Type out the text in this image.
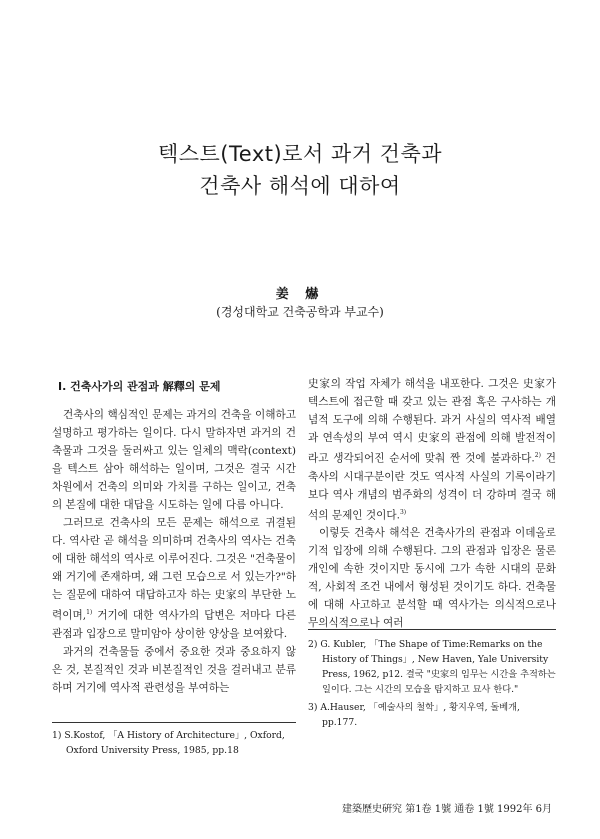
텍스트(Text)로서 과거 건축과
건축사 해석에 대하여
姜 爀
(경성대학교 건축공학과 부교수)
Ⅰ. 건축사가의 관점과 解釋의 문제

건축사의 핵심적인 문제는 과거의 건축을 이해하고 설명하고 평가하는 일이다. 다시 말하자면 과거의 건축물과 그것을 둘러싸고 있는 일체의 맥락(context)을 텍스트 삼아 해석하는 일이며, 그것은 결국 시간 차원에서 건축의 의미와 가치를 구하는 일이고, 건축의 본질에 대한 대답을 시도하는 일에 다름 아니다.

그러므로 건축사의 모든 문제는 해석으로 귀결된다. 역사란 곧 해석을 의미하며 건축사의 역사는 건축에 대한 해석의 역사로 이루어진다. 그것은 "건축물이 왜 거기에 존재하며, 왜 그런 모습으로 서 있는가?"하는 질문에 대하여 대답하고자 하는 史家의 부단한 노력이며,$^{1)}$ 거기에 대한 역사가의 답변은 저마다 다른 관점과 입장으로 말미암아 상이한 양상을 보여왔다.

과거의 건축물들 중에서 중요한 것과 중요하지 않은 것, 본질적인 것과 비본질적인 것을 걸러내고 분류하며 거기에 역사적 관련성을 부여하는

史家의 작업 자체가 해석을 내포한다. 그것은 史家가 텍스트에 접근할 때 갖고 있는 관점 혹은 구사하는 개념적 도구에 의해 수행된다. 과거 사실의 역사적 배열과 연속성의 부여 역시 史家의 관점에 의해 발전적이라고 생각되어진 순서에 맞춰 짠 것에 불과하다.$^{2)}$ 건축사의 시대구분이란 것도 역사적 사실의 기록이라기보다 역사 개념의 범주화의 성격이 더 강하며 결국 해석의 문제인 것이다.$^{3)}$

이렇듯 건축사 해석은 건축사가의 관점과 이데올로기적 입장에 의해 수행된다. 그의 관점과 입장은 물론 개인에 속한 것이지만 동시에 그가 속한 시대의 문화적, 사회적 조건 내에서 형성된 것이기도 하다. 건축물에 대해 사고하고 분석할 때 역사가는 의식적으로나 무의식적으로나 여러

1) S.Kostof, 「A History of Architecture」, Oxford, Oxford University Press, 1985, pp.18
2) G. Kubler, 「The Shape of Time:Remarks on the History of Things」, New Haven, Yale University Press, 1962, p12. 결국 "史家의 임무는 시간을 추적하는 일이다. 그는 시간의 모습을 탐지하고 묘사 한다."
3) A.Hauser, 「예술사의 철학」, 황지우역, 돌베개, pp.177.
建築歷史硏究 第1卷 1號 通卷 1號 1992年 6月
